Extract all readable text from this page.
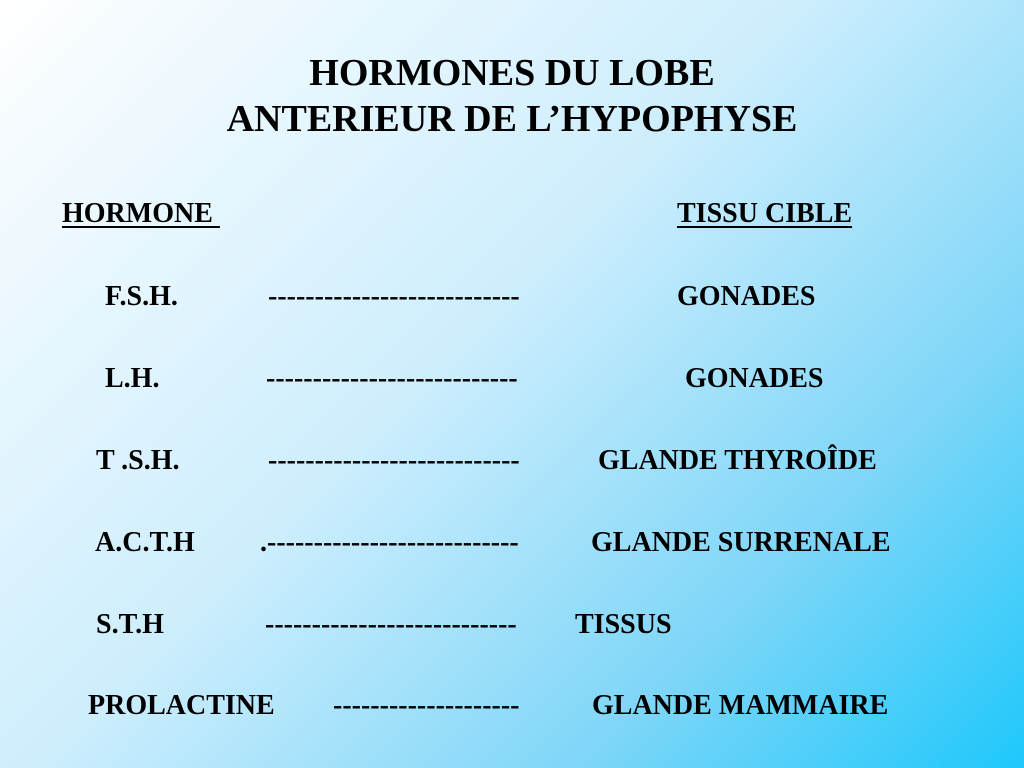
HORMONES DU LOBE
ANTERIEUR DE L’HYPOPHYSE
HORMONE	TISSU CIBLE
F.S.H.	---------------------------	GONADES
L.H.	---------------------------	GONADES
T .S.H.	---------------------------	GLANDE THYROÎDE
A.C.T.H .---------------------------	GLANDE SURRENALE
S.T.H	--------------------------- TISSUS
PROLACTINE --------------------	GLANDE MAMMAIRE
